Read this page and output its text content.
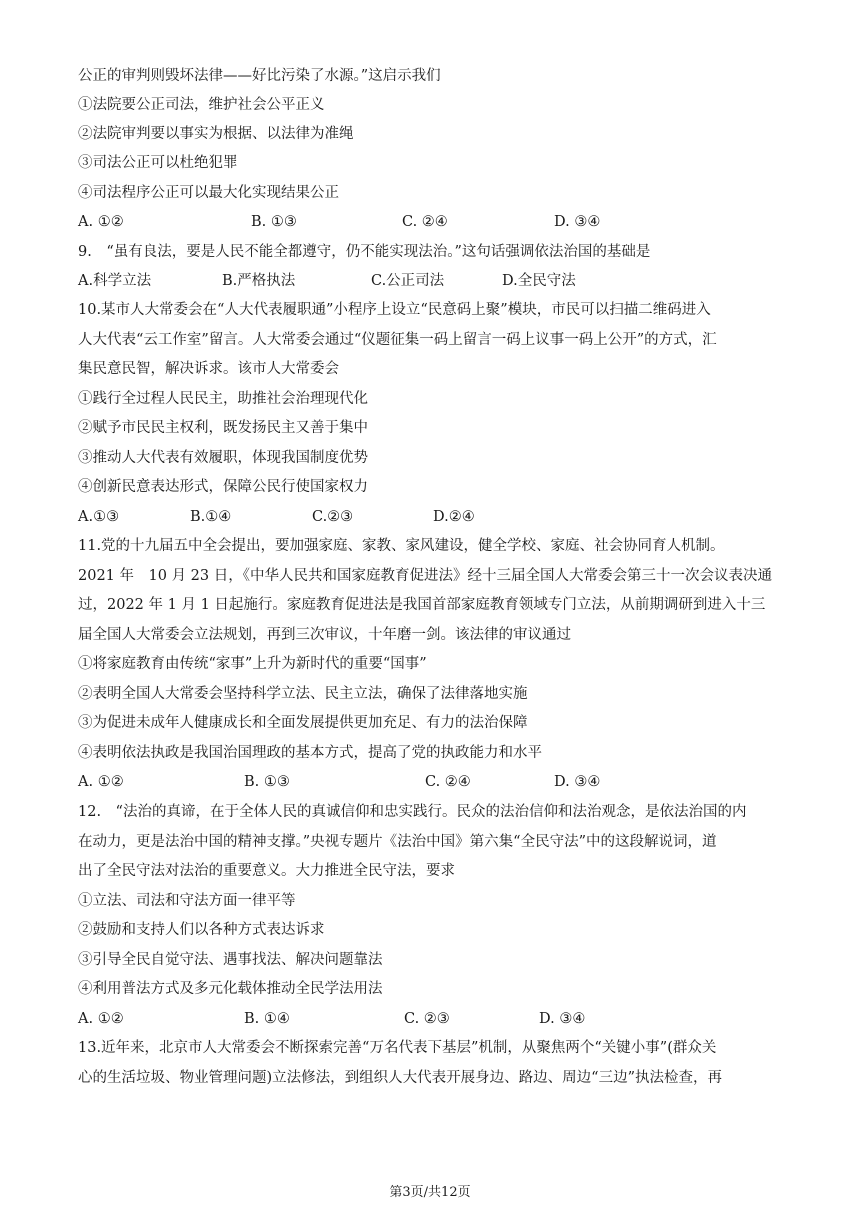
公正的审判则毁坏法律——好比污染了水源。”这启示我们
①法院要公正司法，维护社会公平正义
②法院审判要以事实为根据、以法律为准绳
③司法公正可以杜绝犯罪
④司法程序公正可以最大化实现结果公正
A. ①②	B. ①③	C. ②④	D. ③④
9.　“虽有良法，要是人民不能全都遵守，仍不能实现法治。”这句话强调依法治国的基础是
A.科学立法	B.严格执法	C.公正司法	D.全民守法
10.某市人大常委会在“人大代表履职通”小程序上设立“民意码上聚”模块，市民可以扫描二维码进入
人大代表“云工作室”留言。人大常委会通过“仪题征集一码上留言一码上议事一码上公开”的方式，汇
集民意民智，解决诉求。该市人大常委会
①践行全过程人民民主，助推社会治理现代化
②赋予市民民主权利，既发扬民主又善于集中
③推动人大代表有效履职，体现我国制度优势
④创新民意表达形式，保障公民行使国家权力
A.①③	B.①④	C.②③	D.②④
11.党的十九届五中全会提出，要加强家庭、家教、家风建设，健全学校、家庭、社会协同育人机制。
2021 年　10 月 23 日，《中华人民共和国家庭教育促进法》经十三届全国人大常委会第三十一次会议表决通
过，2022 年 1 月 1 日起施行。家庭教育促进法是我国首部家庭教育领域专门立法，从前期调研到进入十三
届全国人大常委会立法规划，再到三次审议，十年磨一剑。该法律的审议通过
①将家庭教育由传统“家事”上升为新时代的重要“国事”
②表明全国人大常委会坚持科学立法、民主立法，确保了法律落地实施
③为促进未成年人健康成长和全面发展提供更加充足、有力的法治保障
④表明依法执政是我国治国理政的基本方式，提高了党的执政能力和水平
A. ①②	B. ①③	C. ②④	D. ③④
12.　“法治的真谛，在于全体人民的真诚信仰和忠实践行。民众的法治信仰和法治观念，是依法治国的内
在动力，更是法治中国的精神支撑。”央视专题片《法治中国》第六集“全民守法”中的这段解说词，道
出了全民守法对法治的重要意义。大力推进全民守法，要求
①立法、司法和守法方面一律平等
②鼓励和支持人们以各种方式表达诉求
③引导全民自觉守法、遇事找法、解决问题靠法
④利用普法方式及多元化载体推动全民学法用法
A. ①②	B. ①④	C. ②③	D. ③④
13.近年来，北京市人大常委会不断探索完善“万名代表下基层”机制，从聚焦两个“关键小事”(群众关
心的生活垃圾、物业管理问题)立法修法，到组织人大代表开展身边、路边、周边“三边”执法检查，再
第3页/共12页
